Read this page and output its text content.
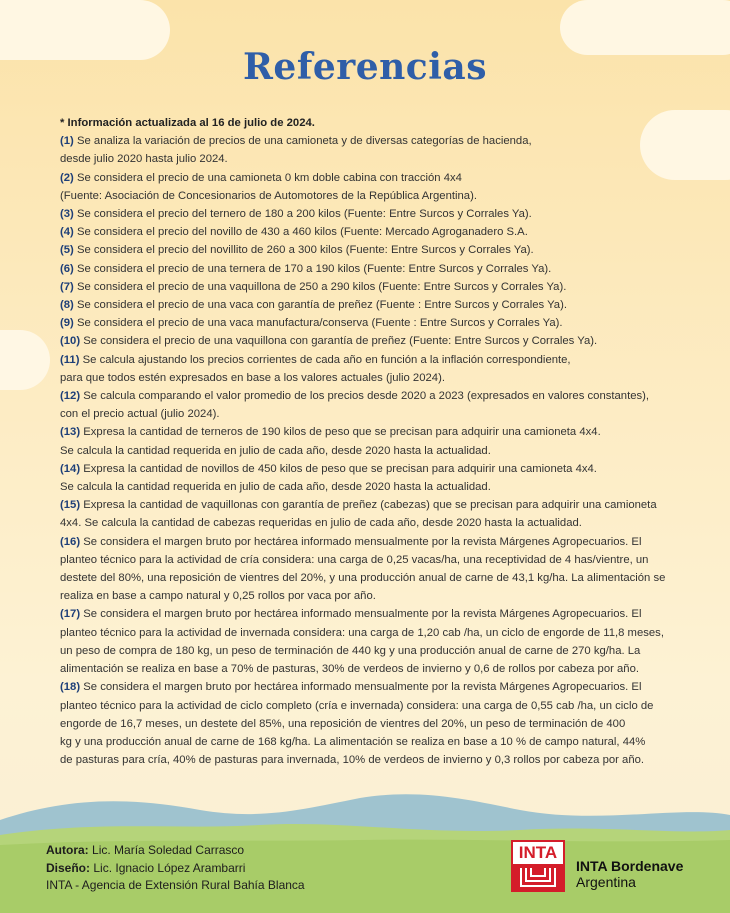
Referencias
* Información actualizada al 16 de julio de 2024.
(1) Se analiza la variación de precios de una camioneta y de diversas categorías de hacienda,
desde julio 2020 hasta julio 2024.
(2) Se considera el precio de una camioneta 0 km doble cabina con tracción 4x4
(Fuente: Asociación de Concesionarios de Automotores de la República Argentina).
(3) Se considera el precio del ternero de 180 a 200 kilos (Fuente: Entre Surcos y Corrales Ya).
(4) Se considera el precio del novillo de 430 a 460 kilos (Fuente: Mercado Agroganadero S.A.
(5) Se considera el precio del novillito de 260 a 300 kilos (Fuente: Entre Surcos y Corrales Ya).
(6) Se considera el precio de una ternera de 170 a 190 kilos (Fuente: Entre Surcos y Corrales Ya).
(7) Se considera el precio de una vaquillona de 250 a 290 kilos (Fuente: Entre Surcos y Corrales Ya).
(8) Se considera el precio de una vaca con garantía de preñez (Fuente : Entre Surcos y Corrales Ya).
(9) Se considera el precio de una vaca manufactura/conserva (Fuente : Entre Surcos y Corrales Ya).
(10) Se considera el precio de una vaquillona con garantía de preñez (Fuente: Entre Surcos y Corrales Ya).
(11) Se calcula ajustando los precios corrientes de cada año en función a la inflación correspondiente,
para que todos estén expresados en base a los valores actuales (julio 2024).
(12) Se calcula comparando el valor promedio de los precios desde 2020 a 2023 (expresados en valores constantes),
con el precio actual (julio 2024).
(13) Expresa la cantidad de terneros de 190 kilos de peso que se precisan para adquirir una camioneta 4x4.
Se calcula la cantidad requerida en julio de cada año, desde 2020 hasta la actualidad.
(14) Expresa la cantidad de novillos de 450 kilos de peso que se precisan para adquirir una camioneta 4x4.
Se calcula la cantidad requerida en julio de cada año, desde 2020 hasta la actualidad.
(15) Expresa la cantidad de vaquillonas con garantía de preñez (cabezas) que se precisan para adquirir una camioneta
4x4. Se calcula la cantidad de cabezas requeridas en julio de cada año, desde 2020 hasta la actualidad.
(16) Se considera el margen bruto por hectárea informado mensualmente por la revista Márgenes Agropecuarios. El
planteo técnico para la actividad de cría considera: una carga de 0,25 vacas/ha, una receptividad de 4 has/vientre, un
destete del 80%, una reposición de vientres del 20%, y una producción anual de carne de 43,1 kg/ha. La alimentación se
realiza en base a campo natural y 0,25 rollos por vaca por año.
(17) Se considera el margen bruto por hectárea informado mensualmente por la revista Márgenes Agropecuarios. El
planteo técnico para la actividad de invernada considera: una carga de 1,20 cab /ha, un ciclo de engorde de 11,8 meses,
un peso de compra de 180 kg, un peso de terminación de 440 kg y una producción anual de carne de 270 kg/ha. La
alimentación se realiza en base a 70% de pasturas, 30% de verdeos de invierno y 0,6 de rollos por cabeza por año.
(18) Se considera el margen bruto por hectárea informado mensualmente por la revista Márgenes Agropecuarios. El
planteo técnico para la actividad de ciclo completo (cría e invernada) considera: una carga de 0,55 cab /ha, un ciclo de
engorde de 16,7 meses, un destete del 85%, una reposición de vientres del 20%, un peso de terminación de 400
kg y una producción anual de carne de 168 kg/ha. La alimentación se realiza en base a 10 % de campo natural, 44%
de pasturas para cría, 40% de pasturas para invernada, 10% de verdeos de invierno y 0,3 rollos por cabeza por año.
Autora: Lic. María Soledad Carrasco
Diseño: Lic. Ignacio López Arambarri
INTA - Agencia de Extensión Rural Bahía Blanca
INTA
INTA Bordenave
Argentina
